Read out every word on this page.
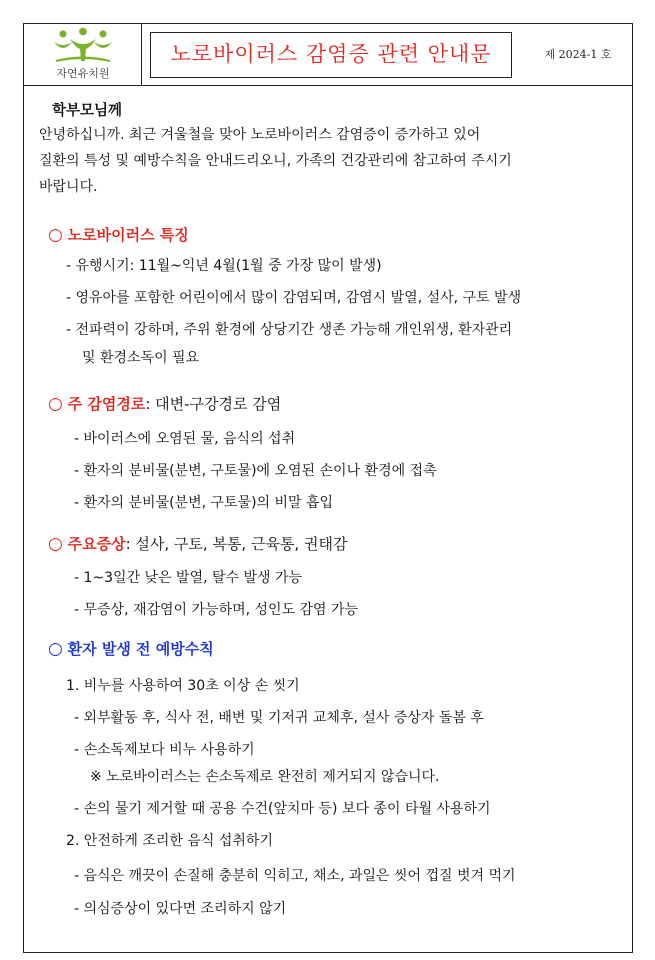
자연유치원
노로바이러스 감염증 관련 안내문	제 2024-1 호
학부모님께
안녕하십니까. 최근 겨울철을 맞아 노로바이러스 감염증이 증가하고 있어
질환의 특성 및 예방수칙을 안내드리오니, 가족의 건강관리에 참고하여 주시기
바랍니다.
○ 노로바이러스 특징
- 유행시기: 11월~익년 4월(1월 중 가장 많이 발생)
- 영유아를 포함한 어린이에서 많이 감염되며, 감염시 발열, 설사, 구토 발생
- 전파력이 강하며, 주위 환경에 상당기간 생존 가능해 개인위생, 환자관리
및 환경소독이 필요
○ 주 감염경로: 대변-구강경로 감염
- 바이러스에 오염된 물, 음식의 섭취
- 환자의 분비물(분변, 구토물)에 오염된 손이나 환경에 접촉
- 환자의 분비물(분변, 구토물)의 비말 흡입
○ 주요증상: 설사, 구토, 복통, 근육통, 권태감
- 1~3일간 낮은 발열, 탈수 발생 가능
- 무증상, 재감염이 가능하며, 성인도 감염 가능
○ 환자 발생 전 예방수칙
1. 비누를 사용하여 30초 이상 손 씻기
- 외부활동 후, 식사 전, 배변 및 기저귀 교체후, 설사 증상자 돌봄 후
- 손소독제보다 비누 사용하기
※ 노로바이러스는 손소독제로 완전히 제거되지 않습니다.
- 손의 물기 제거할 때 공용 수건(앞치마 등) 보다 종이 타월 사용하기
2. 안전하게 조리한 음식 섭취하기
- 음식은 깨끗이 손질해 충분히 익히고, 채소, 과일은 씻어 껍질 벗겨 먹기
- 의심증상이 있다면 조리하지 않기
